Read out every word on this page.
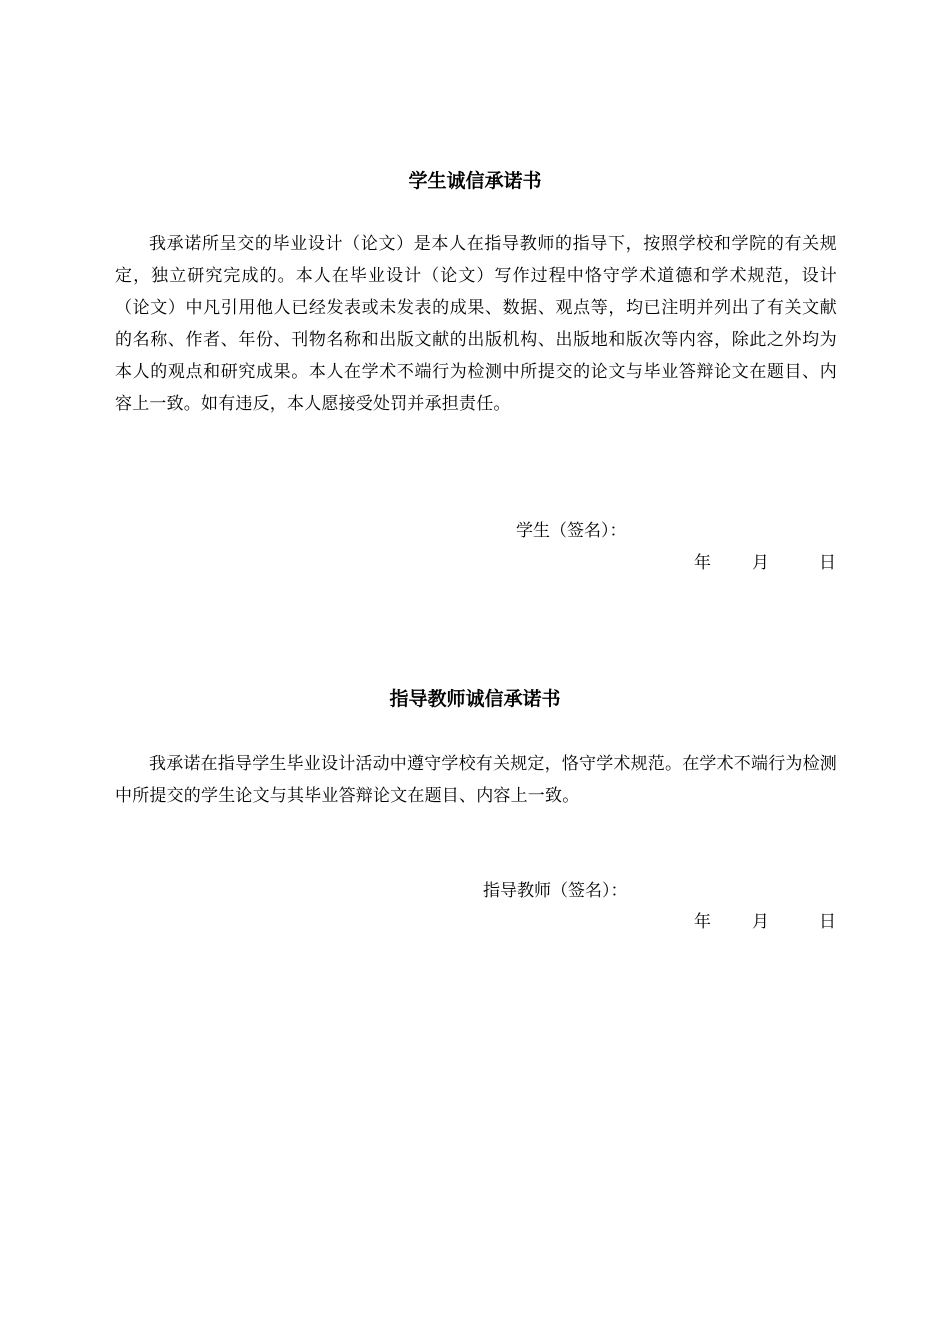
学生诚信承诺书

我承诺所呈交的毕业设计（论文）是本人在指导教师的指导下，按照学校和学院的有关规定，独立研究完成的。本人在毕业设计（论文）写作过程中恪守学术道德和学术规范，设计（论文）中凡引用他人已经发表或未发表的成果、数据、观点等，均已注明并列出了有关文献的名称、作者、年份、刊物名称和出版文献的出版机构、出版地和版次等内容，除此之外均为本人的观点和研究成果。本人在学术不端行为检测中所提交的论文与毕业答辩论文在题目、内容上一致。如有违反，本人愿接受处罚并承担责任。

学生（签名）：
年 月	日
指导教师诚信承诺书

我承诺在指导学生毕业设计活动中遵守学校有关规定，恪守学术规范。在学术不端行为检测中所提交的学生论文与其毕业答辩论文在题目、内容上一致。

指导教师（签名）：
年 月	日
